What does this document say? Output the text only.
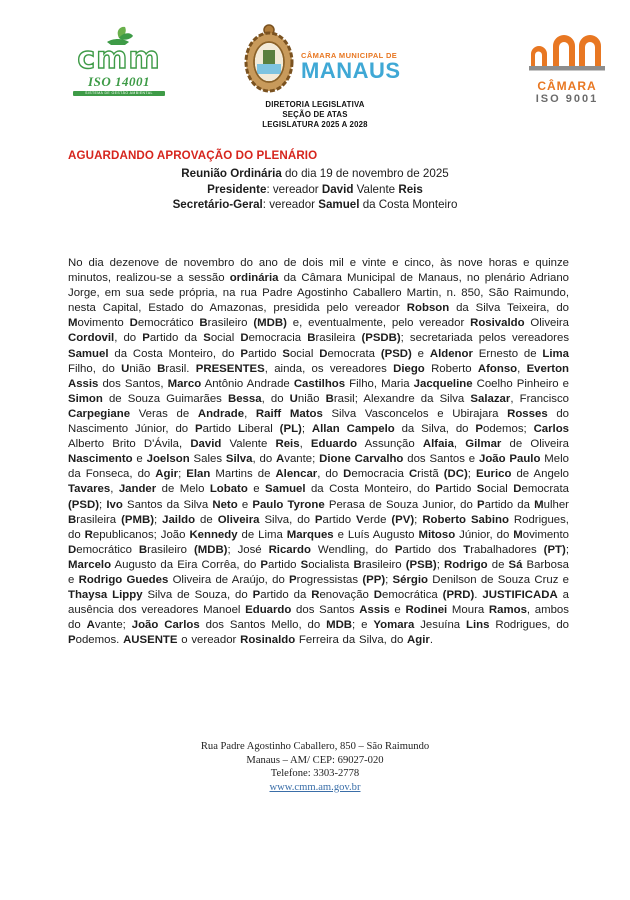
cmm
ISO 14001
SISTEMA DE GESTÃO AMBIENTAL
CÂMARA MUNICIPAL DE
MANAUS
CÂMARA
ISO 9001
DIRETORIA LEGISLATIVA
SEÇÃO DE ATAS
LEGISLATURA 2025 A 2028
AGUARDANDO APROVAÇÃO DO PLENÁRIO
Reunião Ordinária do dia 19 de novembro de 2025
Presidente: vereador David Valente Reis
Secretário-Geral: vereador Samuel da Costa Monteiro
No dia dezenove de novembro do ano de dois mil e vinte e cinco, às nove horas e quinze minutos, realizou-se a sessão ordinária da Câmara Municipal de Manaus, no plenário Adriano Jorge, em sua sede própria, na rua Padre Agostinho Caballero Martin, n. 850, São Raimundo, nesta Capital, Estado do Amazonas, presidida pelo vereador Robson da Silva Teixeira, do Movimento Democrático Brasileiro (MDB) e, eventualmente, pelo vereador Rosivaldo Oliveira Cordovil, do Partido da Social Democracia Brasileira (PSDB); secretariada pelos vereadores Samuel da Costa Monteiro, do Partido Social Democrata (PSD) e Aldenor Ernesto de Lima Filho, do União Brasil. PRESENTES, ainda, os vereadores Diego Roberto Afonso, Everton Assis dos Santos, Marco Antônio Andrade Castilhos Filho, Maria Jacqueline Coelho Pinheiro e Simon de Souza Guimarães Bessa, do União Brasil; Alexandre da Silva Salazar, Francisco Carpegiane Veras de Andrade, Raiff Matos Silva Vasconcelos e Ubirajara Rosses do Nascimento Júnior, do Partido Liberal (PL); Allan Campelo da Silva, do Podemos; Carlos Alberto Brito D'Ávila, David Valente Reis, Eduardo Assunção Alfaia, Gilmar de Oliveira Nascimento e Joelson Sales Silva, do Avante; Dione Carvalho dos Santos e João Paulo Melo da Fonseca, do Agir; Elan Martins de Alencar, do Democracia Cristã (DC); Eurico de Angelo Tavares, Jander de Melo Lobato e Samuel da Costa Monteiro, do Partido Social Democrata (PSD); Ivo Santos da Silva Neto e Paulo Tyrone Perasa de Souza Junior, do Partido da Mulher Brasileira (PMB); Jaildo de Oliveira Silva, do Partido Verde (PV); Roberto Sabino Rodrigues, do Republicanos; João Kennedy de Lima Marques e Luís Augusto Mitoso Júnior, do Movimento Democrático Brasileiro (MDB); José Ricardo Wendling, do Partido dos Trabalhadores (PT); Marcelo Augusto da Eira Corrêa, do Partido Socialista Brasileiro (PSB); Rodrigo de Sá Barbosa e Rodrigo Guedes Oliveira de Araújo, do Progressistas (PP); Sérgio Denilson de Souza Cruz e Thaysa Lippy Silva de Souza, do Partido da Renovação Democrática (PRD). JUSTIFICADA a ausência dos vereadores Manoel Eduardo dos Santos Assis e Rodinei Moura Ramos, ambos do Avante; João Carlos dos Santos Mello, do MDB; e Yomara Jesuína Lins Rodrigues, do Podemos. AUSENTE o vereador Rosinaldo Ferreira da Silva, do Agir.
Rua Padre Agostinho Caballero, 850 – São Raimundo
Manaus – AM/ CEP: 69027-020
Telefone: 3303-2778
www.cmm.am.gov.br
